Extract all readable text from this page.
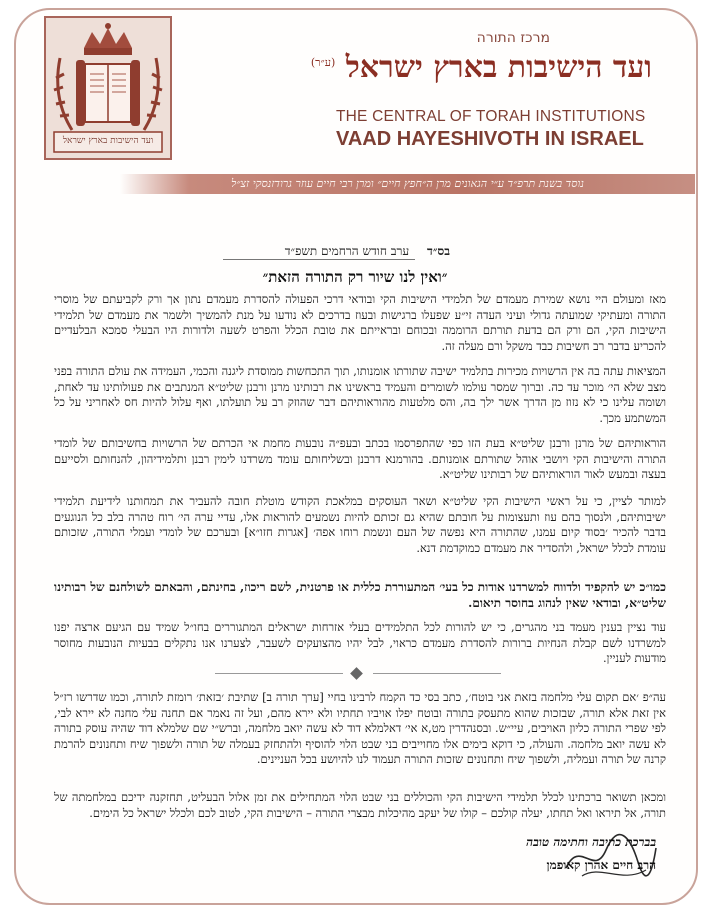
ועד הישיבות בארץ ישראל
מרכז התורה
ועד הישיבות בארץ ישראל $^{(ע״ר)}$
THE CENTRAL OF TORAH INSTITUTIONS
VAAD HAYESHIVOTH IN ISRAEL
נוסד בשנת תרפ״ד ע״י הגאונים מרן ה״חפץ חיים״ ומרן רבי חיים עוזר גרודזנסקי זצ״ל
בס״ד ערב חודש הרחמים תשפ״ד
״ואין לנו שיור רק התורה הזאת״
מאז ומעולם היי נושא שמירת מעמדם של תלמידי הישיבות הקי ובודאי דרכי הפעולה להסדרת מעמדם נתון אך ורק לקביעתם של מוסרי התורה ומעתיקי שמועתה גדולי ועיני העדה זי״ע שפעלו ברגישות ובעוז בדרכים לא נודעו על מנת להמשיך ולשמר את מעמדם של תלמידי הישיבות הקי, הם ורק הם בדעת תורתם הרוממה ובכוחם ובראייתם את טובת הכלל והפרט לשעה ולדורות היו הבעלי סמכא הבלעדיים להכריע בדבר רב חשיבות כבד משקל ורם מעלה זה.
המציאות עתה בה אין הרשויות מכירות בתלמיד ישיבה שתורתו אומנותו, תוך התכחשות ממוסדת ליגנה והכמי, העמידה את עולם התורה בפני מצב שלא הי׳ מוכר עד כה. וברוך שמסר עולמו לשומרים והעמיד בראשינו את רבותינו מרנן ורבנן שליט״א המנתבים את פעולותינו עד לאחת, ושומה עלינו כי לא נזוז מן הדרך אשר ילך בה, והס מלטעות מהוראותיהם דבר שהוזק רב על תועלתו, ואף עלול להיות חס לאחריני על כל המשתמע מכך.
הוראותיהם של מרנן ורבנן שליט״א בעת הזו כפי שהתפרסמו בכתב ובעפ״ה נובעות מחמת אי הכרתם של הרשויות בחשיבותם של לומדי התורה והישיבות הקי ויושבי אוהל שתורתם אומנותם. בהורמנא דרבנן ובשליחותם עומד משרדנו לימין רבנן ותלמידיהון, להנחותם ולסייעם בעצה ובמעש לאור הוראותיהם של רבותינו שליט״א.
למותר לציין, כי על ראשי הישיבות הקי שליט״א ושאר העוסקים במלאכת הקודש מוטלת חובה להעביר את תמחותנו לידיעת תלמידי ישיבותיהם, ולנסוך בהם עוז ותעצומות על חובתם שהיא גם זכותם להיות נשמעים להוראות אלו, עדיי ערה הי׳ רוח טהרה בלב כל הנוגעים בדבר להכיר ׳בסוד קיום עמנו, שהתורה היא נפשה של העם ונשמת רוחו אפה׳ [אגרות חזו״א] ובערכם של לומדי ועמלי התורה, שזכותם עומדת לכלל ישראל, ולהסדיר את מעמדם כמוקדמת דנא.
כמו״כ יש להקפיד ולדווח למשרדנו אודות כל בעי׳ המתעוררת כללית או פרטנית, לשם ריכוז, בחינתם, והבאתם לשולחנם של רבותינו שליט״א, ובודאי שאין לנהוג בחוסר תיאום.
עוד נציין בענין מעמד בני מהגרים, כי יש להורות לכל התלמידים בעלי אזרחות ישראלים המתגוררים בחו״ל שמיד עם הגיעם ארצה יפנו למשרדנו לשם קבלת הנחיות ברורות להסדרת מעמדם כראוי, לבל יהיו מהצועקים לשעבר, לצערנו אנו נתקלים בבעיות הנובעות מחוסר מודעות לעניין.
עה״פ ׳אם תקום עלי מלחמה בזאת אני בוטח׳, כתב בסי כד הקמח לרבינו בחיי [ערך תורה ב] שתיבת ׳בזאת׳ רומזת לתורה, וכמו שדרשו רז״ל אין זאת אלא תורה, שבזכות שהוא מתעסק בתורה ובוטח יפלו אויביו תחתיו ולא יירא מהם, ועל זה נאמר אם תחנה עלי מחנה לא יירא לבי, לפי שפרי התורה כליון האויבים, עיי״ש. ובסנהדרין מט,א אי׳ דאלמלא דוד לא עשה יואב מלחמה, וברש״י שם שלמלא דוד שהיה עוסק בתורה לא עשה יואב מלחמה. והעולה, כי דוקא בימים אלו מחוייבים בני שבט הלוי להוסיף ולהתחזק בעמלה של תורה ולשפוך שיח ותחנונים להרמת קרנה של תורה ועמליה, ולשפוך שיח ותחנונים שזכות התורה תעמוד לנו להיושע בכל העניינים.
ומכאן תשואר ברכתינו לכלל תלמידי הישיבות הקי והכוללים בני שבט הלוי המתחילים את זמן אלול הבעליט, תחזקנה ידיכם במלחמתה של תורה, אל תיראו ואל תחתו, יעלה קולכם – קולו של יעקב מהיכלות מבצרי התורה – הישיבות הקי, לטוב לכם ולכלל ישראל כל הימים.
בברכת כתיבה וחתימה טובה
הרב חיים אהרן קאופמן
